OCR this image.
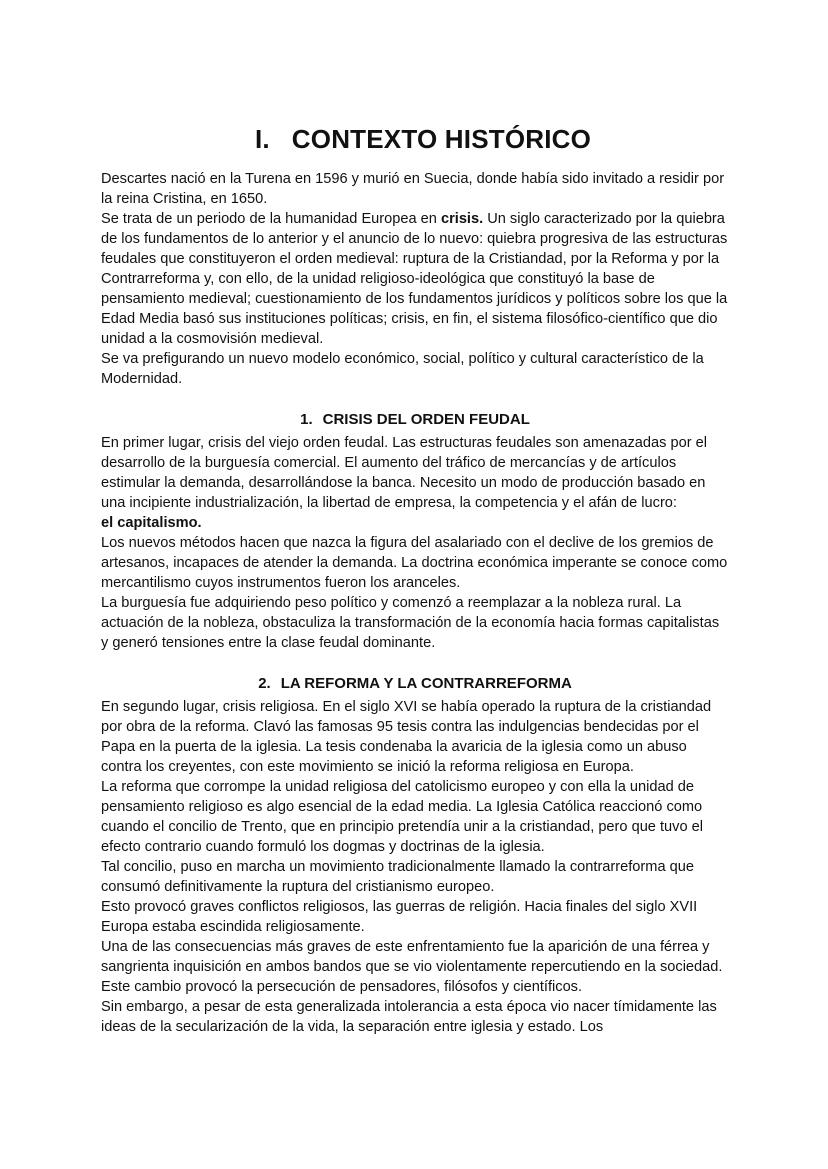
I. CONTEXTO HISTÓRICO

Descartes nació en la Turena en 1596 y murió en Suecia, donde había sido invitado a residir por la reina Cristina, en 1650.

Se trata de un periodo de la humanidad Europea en crisis. Un siglo caracterizado por la quiebra de los fundamentos de lo anterior y el anuncio de lo nuevo: quiebra progresiva de las estructuras feudales que constituyeron el orden medieval: ruptura de la Cristiandad, por la Reforma y por la Contrarreforma y, con ello, de la unidad religioso-ideológica que constituyó la base de pensamiento medieval; cuestionamiento de los fundamentos jurídicos y políticos sobre los que la Edad Media basó sus instituciones políticas; crisis, en fin, el sistema filosófico-científico que dio unidad a la cosmovisión medieval.

Se va prefigurando un nuevo modelo económico, social, político y cultural característico de la Modernidad.

1. CRISIS DEL ORDEN FEUDAL

En primer lugar, crisis del viejo orden feudal. Las estructuras feudales son amenazadas por el desarrollo de la burguesía comercial. El aumento del tráfico de mercancías y de artículos estimular la demanda, desarrollándose la banca. Necesito un modo de producción basado en una incipiente industrialización, la libertad de empresa, la competencia y el afán de lucro:
el capitalismo.

Los nuevos métodos hacen que nazca la figura del asalariado con el declive de los gremios de artesanos, incapaces de atender la demanda. La doctrina económica imperante se conoce como mercantilismo cuyos instrumentos fueron los aranceles.

La burguesía fue adquiriendo peso político y comenzó a reemplazar a la nobleza rural. La actuación de la nobleza, obstaculiza la transformación de la economía hacia formas capitalistas y generó tensiones entre la clase feudal dominante.

2. LA REFORMA Y LA CONTRARREFORMA

En segundo lugar, crisis religiosa. En el siglo XVI se había operado la ruptura de la cristiandad por obra de la reforma. Clavó las famosas 95 tesis contra las indulgencias bendecidas por el Papa en la puerta de la iglesia. La tesis condenaba la avaricia de la iglesia como un abuso contra los creyentes, con este movimiento se inició la reforma religiosa en Europa.

La reforma que corrompe la unidad religiosa del catolicismo europeo y con ella la unidad de pensamiento religioso es algo esencial de la edad media. La Iglesia Católica reaccionó como cuando el concilio de Trento, que en principio pretendía unir a la cristiandad, pero que tuvo el efecto contrario cuando formuló los dogmas y doctrinas de la iglesia.

Tal concilio, puso en marcha un movimiento tradicionalmente llamado la contrarreforma que consumó definitivamente la ruptura del cristianismo europeo.

Esto provocó graves conflictos religiosos, las guerras de religión. Hacia finales del siglo XVII Europa estaba escindida religiosamente.

Una de las consecuencias más graves de este enfrentamiento fue la aparición de una férrea y sangrienta inquisición en ambos bandos que se vio violentamente repercutiendo en la sociedad. Este cambio provocó la persecución de pensadores, filósofos y científicos.

Sin embargo, a pesar de esta generalizada intolerancia a esta época vio nacer tímidamente las ideas de la secularización de la vida, la separación entre iglesia y estado. Los
